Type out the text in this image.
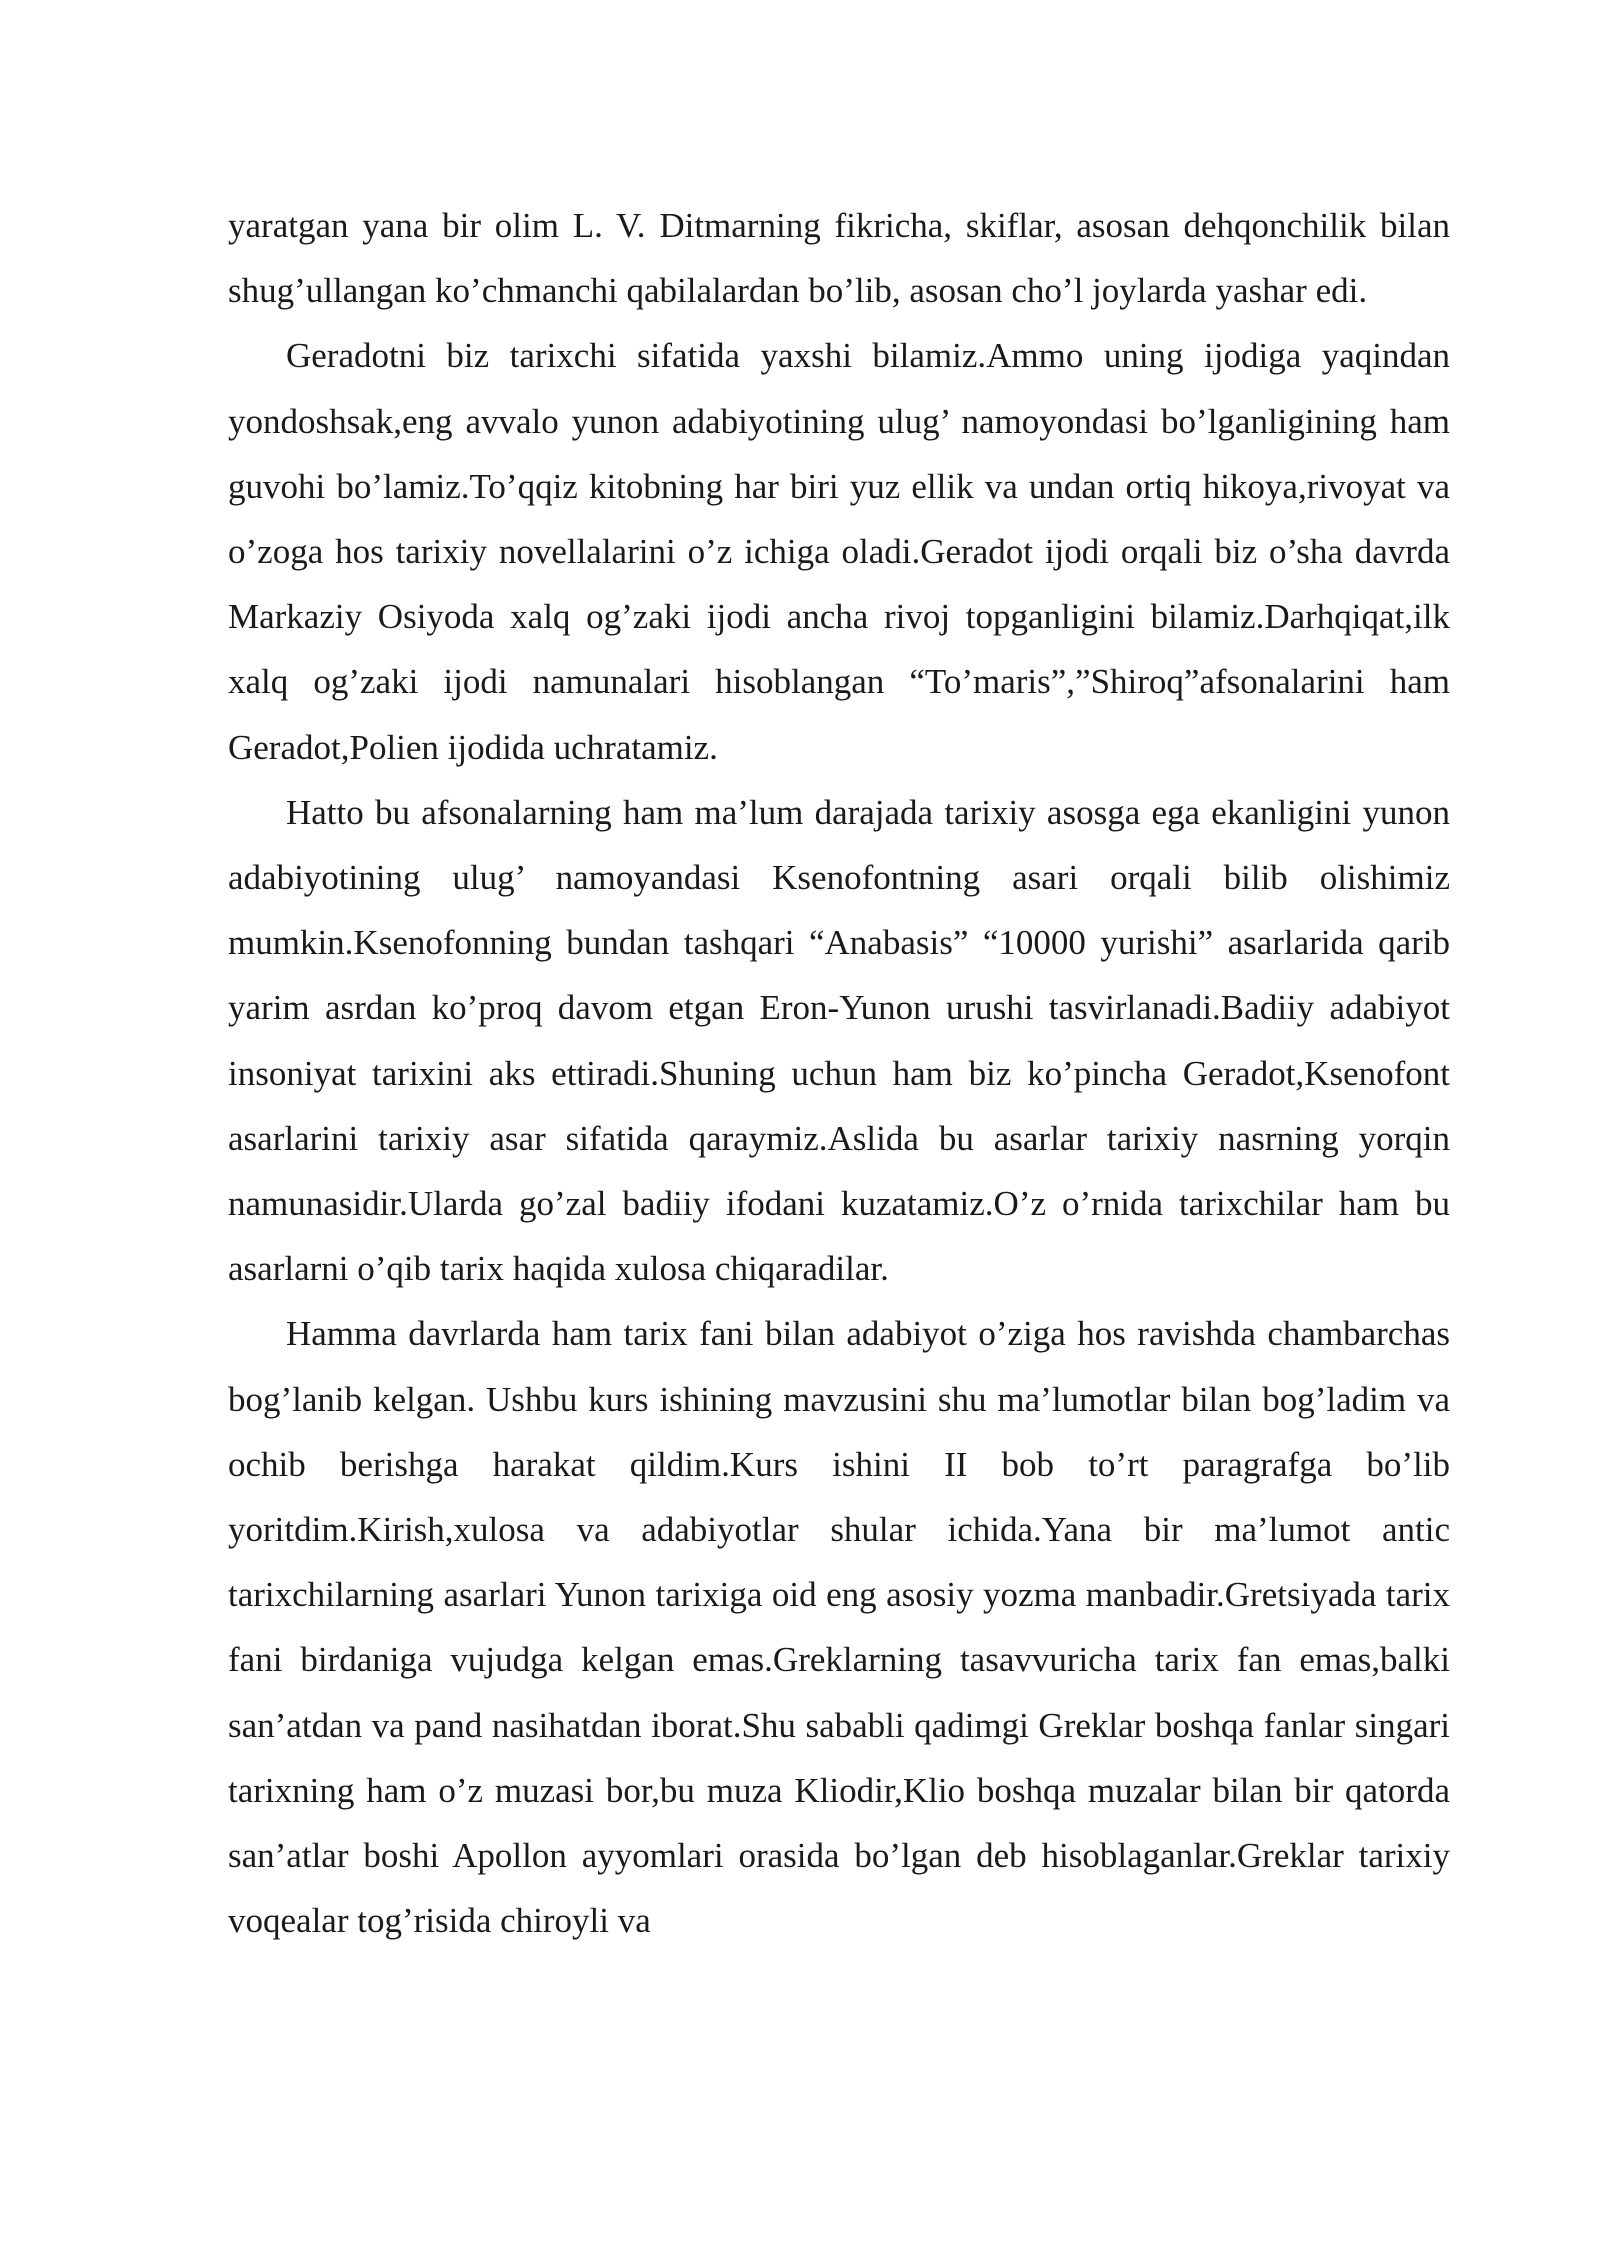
yaratgan yana bir olim L. V. Ditmarning fikricha, skiflar, asosan dehqonchilik bilan shug’ullangan ko’chmanchi qabilalardan bo’lib, asosan cho’l joylarda yashar edi.

Geradotni biz tarixchi sifatida yaxshi bilamiz.Ammo uning ijodiga yaqindan yondoshsak,eng avvalo yunon adabiyotining ulug’ namoyondasi bo’lganligining ham guvohi bo’lamiz.To’qqiz kitobning har biri yuz ellik va undan ortiq hikoya,rivoyat va o’zoga hos tarixiy novellalarini o’z ichiga oladi.Geradot ijodi orqali biz o’sha davrda Markaziy Osiyoda xalq og’zaki ijodi ancha rivoj topganligini bilamiz.Darhqiqat,ilk xalq og’zaki ijodi namunalari hisoblangan “To’maris”,”Shiroq”afsonalarini ham Geradot,Polien ijodida uchratamiz.

Hatto bu afsonalarning ham ma’lum darajada tarixiy asosga ega ekanligini yunon adabiyotining ulug’ namoyandasi Ksenofontning asari orqali bilib olishimiz mumkin.Ksenofonning bundan tashqari “Anabasis” “10000 yurishi” asarlarida qarib yarim asrdan ko’proq davom etgan Eron-Yunon urushi tasvirlanadi.Badiiy adabiyot insoniyat tarixini aks ettiradi.Shuning uchun ham biz ko’pincha Geradot,Ksenofont asarlarini tarixiy asar sifatida qaraymiz.Aslida bu asarlar tarixiy nasrning yorqin namunasidir.Ularda go’zal badiiy ifodani kuzatamiz.O’z o’rnida tarixchilar ham bu asarlarni o’qib tarix haqida xulosa chiqaradilar.

Hamma davrlarda ham tarix fani bilan adabiyot o’ziga hos ravishda chambarchas bog’lanib kelgan. Ushbu kurs ishining mavzusini shu ma’lumotlar bilan bog’ladim va ochib berishga harakat qildim.Kurs ishini II bob to’rt paragrafga bo’lib yoritdim.Kirish,xulosa va adabiyotlar shular ichida.Yana bir ma’lumot antic tarixchilarning asarlari Yunon tarixiga oid eng asosiy yozma manbadir.Gretsiyada tarix fani birdaniga vujudga kelgan emas.Greklarning tasavvuricha tarix fan emas,balki san’atdan va pand nasihatdan iborat.Shu sababli qadimgi Greklar boshqa fanlar singari tarixning ham o’z muzasi bor,bu muza Kliodir,Klio boshqa muzalar bilan bir qatorda san’atlar boshi Apollon ayyomlari orasida bo’lgan deb hisoblaganlar.Greklar tarixiy voqealar tog’risida chiroyli va
